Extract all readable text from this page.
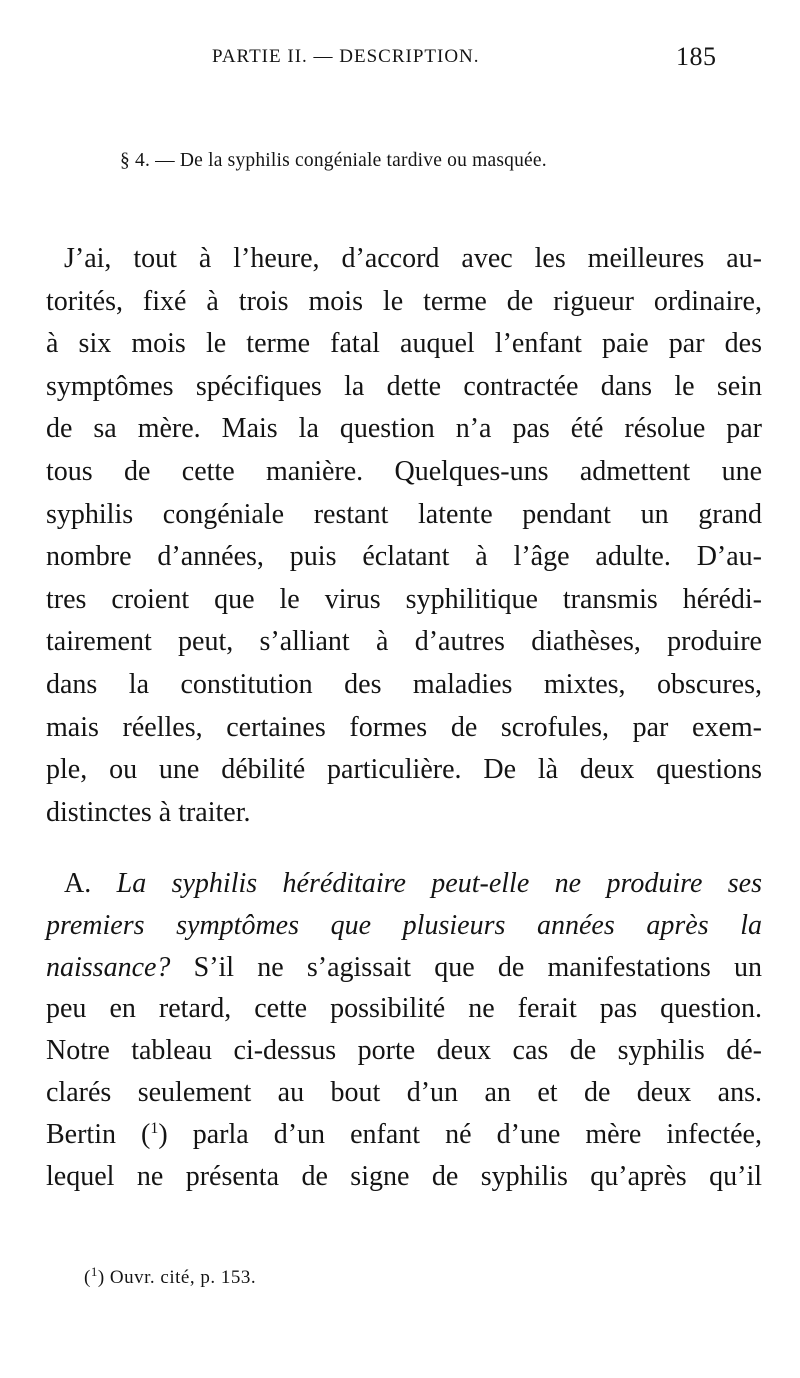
PARTIE II. — DESCRIPTION.	185
§ 4. — De la syphilis congéniale tardive ou masquée.
J’ai, tout à l’heure, d’accord avec les meilleures au-
torités, fixé à trois mois le terme de rigueur ordinaire,
à six mois le terme fatal auquel l’enfant paie par des
symptômes spécifiques la dette contractée dans le sein
de sa mère. Mais la question n’a pas été résolue par
tous de cette manière. Quelques-uns admettent une
syphilis congéniale restant latente pendant un grand
nombre d’années, puis éclatant à l’âge adulte. D’au-
tres croient que le virus syphilitique transmis hérédi-
tairement peut, s’alliant à d’autres diathèses, produire
dans la constitution des maladies mixtes, obscures,
mais réelles, certaines formes de scrofules, par exem-
ple, ou une débilité particulière. De là deux questions
distinctes à traiter.
A. La syphilis héréditaire peut-elle ne produire ses
premiers symptômes que plusieurs années après la
naissance? S’il ne s’agissait que de manifestations un
peu en retard, cette possibilité ne ferait pas question.
Notre tableau ci-dessus porte deux cas de syphilis dé-
clarés seulement au bout d’un an et de deux ans.
Bertin ($^1$) parla d’un enfant né d’une mère infectée,
lequel ne présenta de signe de syphilis qu’après qu’il
($^1$) Ouvr. cité, p. 153.
